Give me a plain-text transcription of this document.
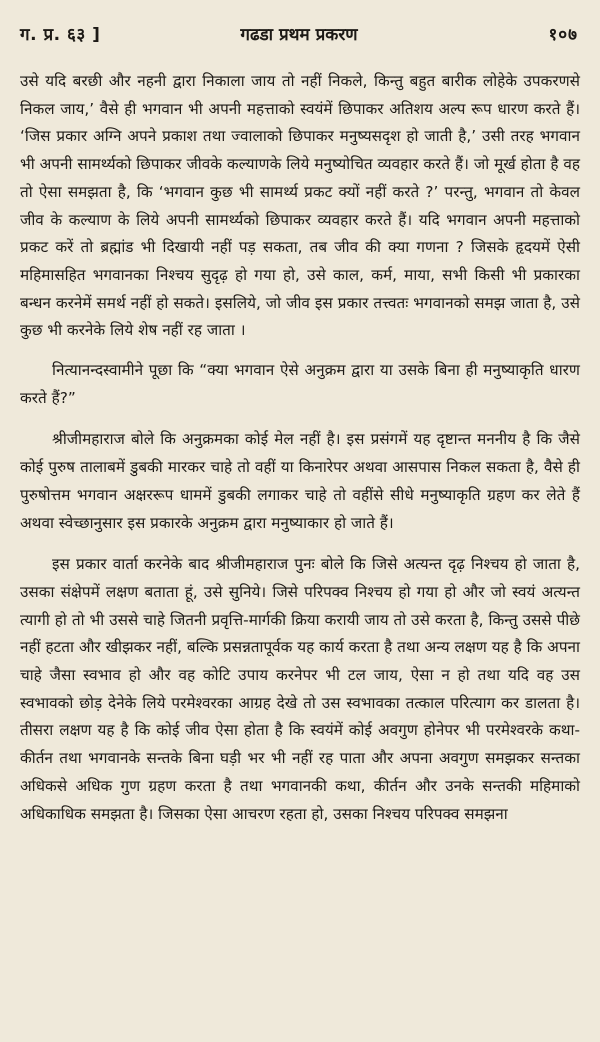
ग. प्र. ६३ ]	गढडा प्रथम प्रकरण	१०७

उसे यदि बरछी और नहनी द्वारा निकाला जाय तो नहीं निकले, किन्तु बहुत बारीक लोहेके उपकरणसे निकल जाय,’ वैसे ही भगवान भी अपनी महत्ताको स्वयंमें छिपाकर अतिशय अल्प रूप धारण करते हैं। ‘जिस प्रकार अग्नि अपने प्रकाश तथा ज्वालाको छिपाकर मनुष्यसदृश हो जाती है,’ उसी तरह भगवान भी अपनी सामर्थ्यको छिपाकर जीवके कल्याणके लिये मनुष्योचित व्यवहार करते हैं। जो मूर्ख होता है वह तो ऐसा समझता है, कि ‘भगवान कुछ भी सामर्थ्य प्रकट क्यों नहीं करते ?’ परन्तु, भगवान तो केवल जीव के कल्याण के लिये अपनी सामर्थ्यको छिपाकर व्यवहार करते हैं। यदि भगवान अपनी महत्ताको प्रकट करें तो ब्रह्मांड भी दिखायी नहीं पड़ सकता, तब जीव की क्या गणना ? जिसके हृदयमें ऐसी महिमासहित भगवानका निश्चय सुदृढ़ हो गया हो, उसे काल, कर्म, माया, सभी किसी भी प्रकारका बन्धन करनेमें समर्थ नहीं हो सकते। इसलिये, जो जीव इस प्रकार तत्त्वतः भगवानको समझ जाता है, उसे कुछ भी करनेके लिये शेष नहीं रह जाता ।

नित्यानन्दस्वामीने पूछा कि “क्या भगवान ऐसे अनुक्रम द्वारा या उसके बिना ही मनुष्याकृति धारण करते हैं?”

श्रीजीमहाराज बोले कि अनुक्रमका कोई मेल नहीं है। इस प्रसंगमें यह दृष्टान्त मननीय है कि जैसे कोई पुरुष तालाबमें डुबकी मारकर चाहे तो वहीं या किनारेपर अथवा आसपास निकल सकता है, वैसे ही पुरुषोत्तम भगवान अक्षररूप धाममें डुबकी लगाकर चाहे तो वहींसे सीधे मनुष्याकृति ग्रहण कर लेते हैं अथवा स्वेच्छानुसार इस प्रकारके अनुक्रम द्वारा मनुष्याकार हो जाते हैं।

इस प्रकार वार्ता करनेके बाद श्रीजीमहाराज पुनः बोले कि जिसे अत्यन्त दृढ़ निश्चय हो जाता है, उसका संक्षेपमें लक्षण बताता हूं, उसे सुनिये। जिसे परिपक्व निश्चय हो गया हो और जो स्वयं अत्यन्त त्यागी हो तो भी उससे चाहे जितनी प्रवृत्ति-मार्गकी क्रिया करायी जाय तो उसे करता है, किन्तु उससे पीछे नहीं हटता और खीझकर नहीं, बल्कि प्रसन्नतापूर्वक यह कार्य करता है तथा अन्य लक्षण यह है कि अपना चाहे जैसा स्वभाव हो और वह कोटि उपाय करनेपर भी टल जाय, ऐसा न हो तथा यदि वह उस स्वभावको छोड़ देनेके लिये परमेश्वरका आग्रह देखे तो उस स्वभावका तत्काल परित्याग कर डालता है। तीसरा लक्षण यह है कि कोई जीव ऐसा होता है कि स्वयंमें कोई अवगुण होनेपर भी परमेश्वरके कथा-कीर्तन तथा भगवानके सन्तके बिना घड़ी भर भी नहीं रह पाता और अपना अवगुण समझकर सन्तका अधिकसे अधिक गुण ग्रहण करता है तथा भगवानकी कथा, कीर्तन और उनके सन्तकी महिमाको अधिकाधिक समझता है। जिसका ऐसा आचरण रहता हो, उसका निश्चय परिपक्व समझना
